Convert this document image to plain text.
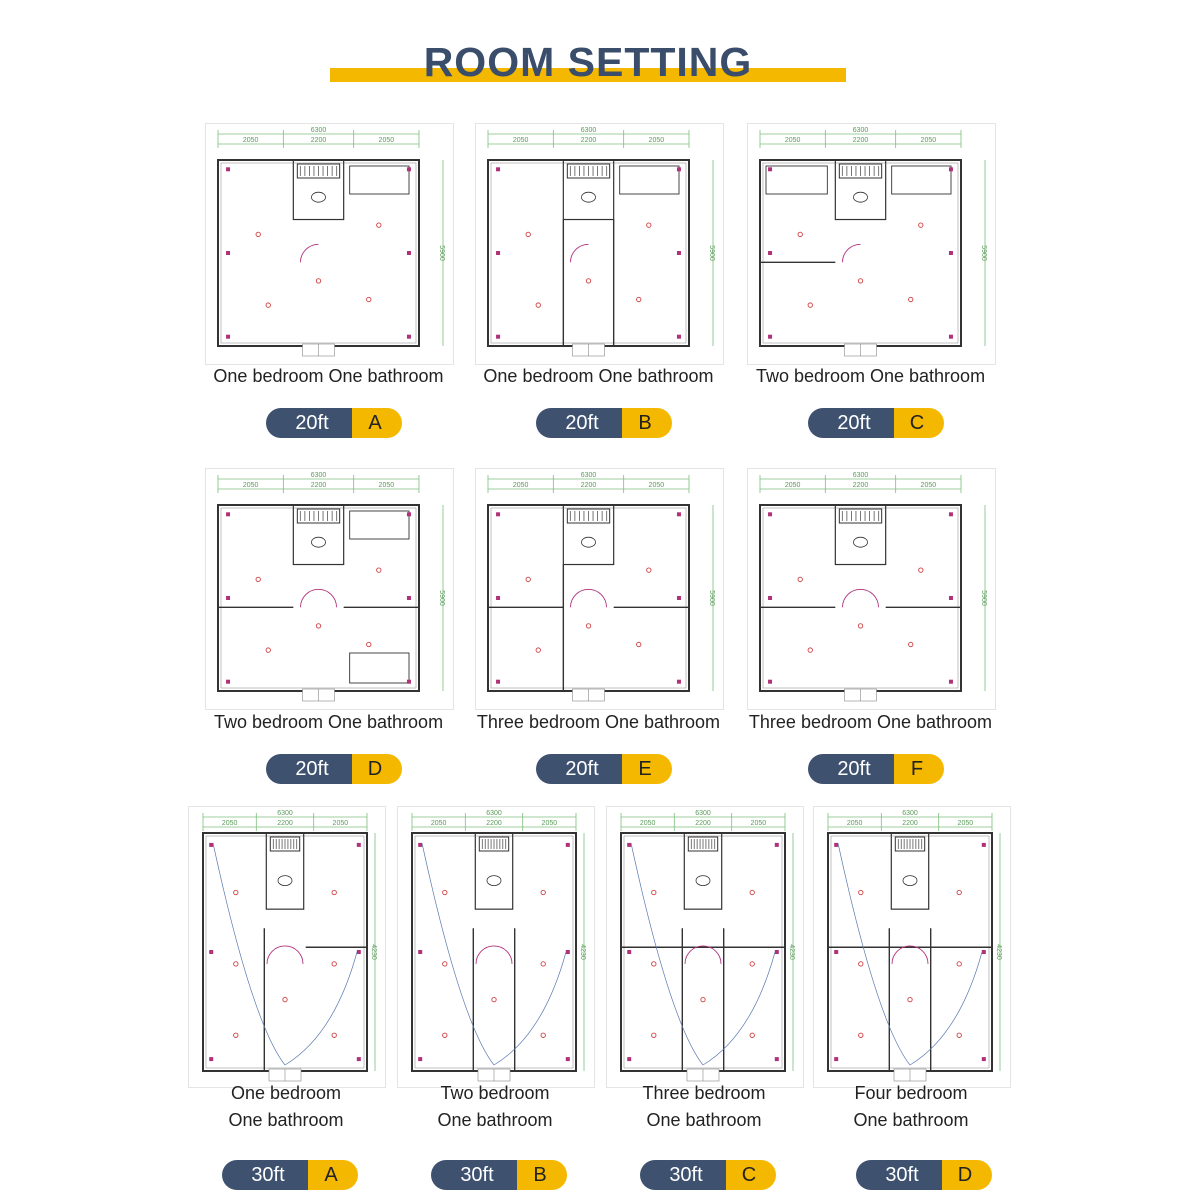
ROOM SETTING
6300
2050	2200	2050
5900
One bedroom One bathroom
20ft	A
6300
2050	2200	2050
5900
One bedroom One bathroom
20ft	B
6300
2050	2200	2050
5900
Two bedroom One bathroom
20ft	C
6300
2050	2200	2050
5900
Two bedroom One bathroom
20ft	D
6300
2050	2200	2050
5900
Three bedroom One bathroom
20ft	E
6300
2050	2200	2050
5900
Three bedroom One bathroom
20ft	F
6300
2050	2200	2050
4230
One bedroom
One bathroom
30ft	A
6300
2050	2200	2050
4230
Two bedroom
One bathroom
30ft	B
6300
2050	2200	2050
4230
Three bedroom
One bathroom
30ft	C
6300
2050	2200	2050
4230
Four bedroom
One bathroom
30ft	D
